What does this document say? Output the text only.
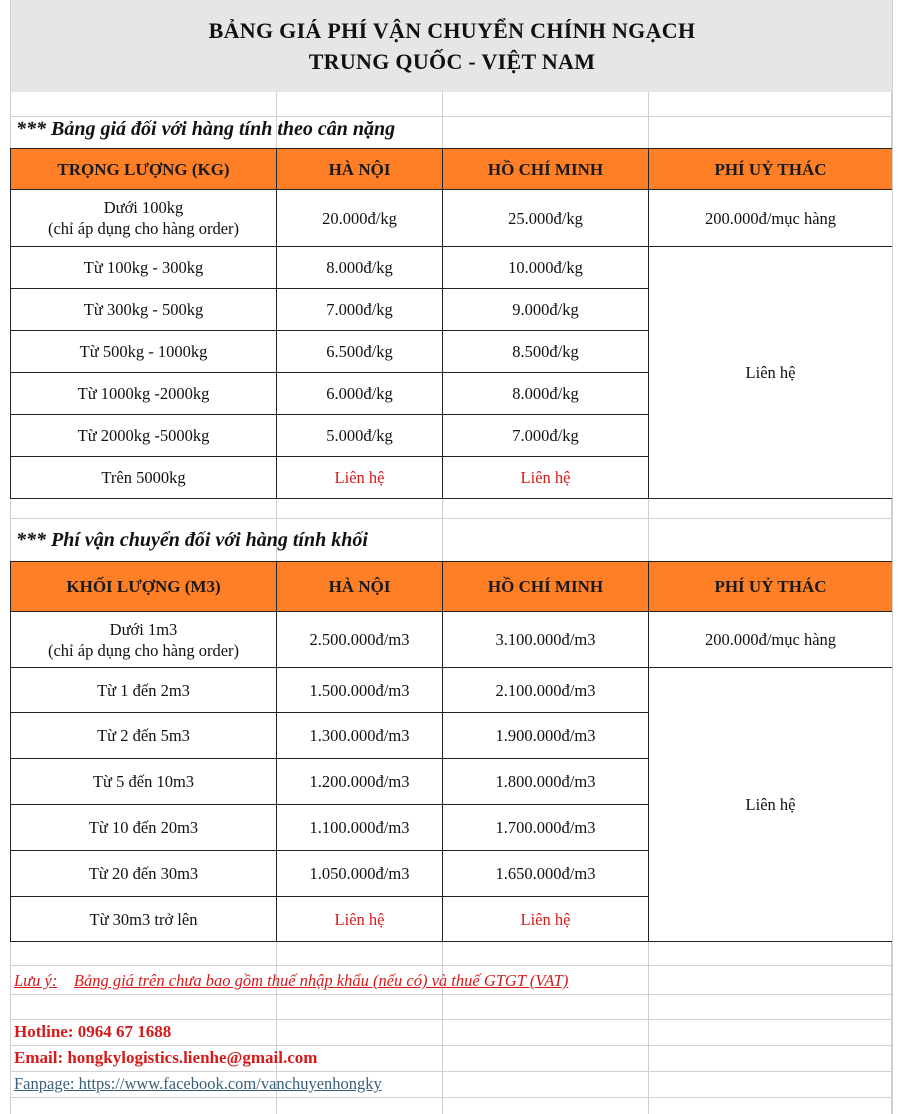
BẢNG GIÁ PHÍ VẬN CHUYỂN CHÍNH NGẠCH
TRUNG QUỐC - VIỆT NAM
*** Bảng giá đối với hàng tính theo cân nặng
TRỌNG LƯỢNG (KG)	HÀ NỘI	HỒ CHÍ MINH	PHÍ UỶ THÁC

Dưới 100kg
(chỉ áp dụng cho hàng order)	20.000đ/kg	25.000đ/kg	200.000đ/mục hàng
Từ 100kg - 300kg	8.000đ/kg	10.000đ/kg	Liên hệ
Từ 300kg - 500kg	7.000đ/kg	9.000đ/kg	
Từ 500kg - 1000kg	6.500đ/kg	8.500đ/kg	
Từ 1000kg -2000kg	6.000đ/kg	8.000đ/kg	
Từ 2000kg -5000kg	5.000đ/kg	7.000đ/kg	
Trên 5000kg	Liên hệ	Liên hệ	
*** Phí vận chuyển đối với hàng tính khối
KHỐI LƯỢNG (M3)	HÀ NỘI	HỒ CHÍ MINH	PHÍ UỶ THÁC

Dưới 1m3
(chỉ áp dụng cho hàng order)	2.500.000đ/m3	3.100.000đ/m3	200.000đ/mục hàng
Từ 1 đến 2m3	1.500.000đ/m3	2.100.000đ/m3	Liên hệ
Từ 2 đến 5m3	1.300.000đ/m3	1.900.000đ/m3	
Từ 5 đến 10m3	1.200.000đ/m3	1.800.000đ/m3	
Từ 10 đến 20m3	1.100.000đ/m3	1.700.000đ/m3	
Từ 20 đến 30m3	1.050.000đ/m3	1.650.000đ/m3	
Từ 30m3 trở lên	Liên hệ	Liên hệ	
Lưu ý: Bảng giá trên chưa bao gồm thuế nhập khẩu (nếu có) và thuế GTGT (VAT)
Hotline: 0964 67 1688
Email: hongkylogistics.lienhe@gmail.com
Fanpage: https://www.facebook.com/vanchuyenhongky
